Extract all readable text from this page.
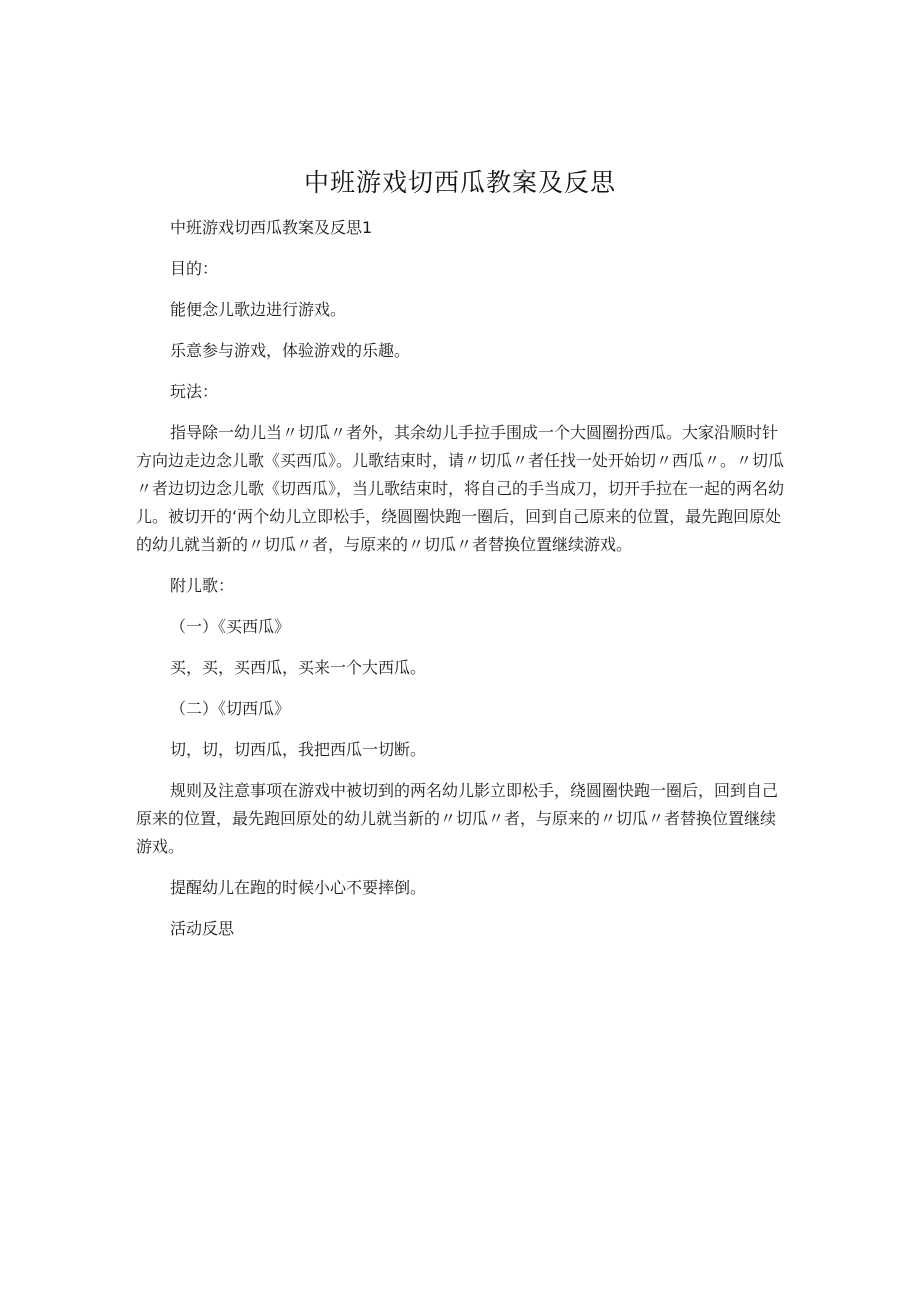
中班游戏切西瓜教案及反思

中班游戏切西瓜教案及反思1

目的：

能便念儿歌边进行游戏。

乐意参与游戏，体验游戏的乐趣。

玩法：

指导除一幼儿当〃切瓜〃者外，其余幼儿手拉手围成一个大圆圈扮西瓜。大家沿顺时针方向边走边念儿歌《买西瓜》。儿歌结束时，请〃切瓜〃者任找一处开始切〃西瓜〃。〃切瓜〃者边切边念儿歌《切西瓜》，当儿歌结束时，将自己的手当成刀，切开手拉在一起的两名幼儿。被切开的‘两个幼儿立即松手，绕圆圈快跑一圈后，回到自己原来的位置，最先跑回原处的幼儿就当新的〃切瓜〃者，与原来的〃切瓜〃者替换位置继续游戏。

附儿歌：

（一）《买西瓜》

买，买，买西瓜，买来一个大西瓜。

（二）《切西瓜》

切，切，切西瓜，我把西瓜一切断。

规则及注意事项在游戏中被切到的两名幼儿影立即松手，绕圆圈快跑一圈后，回到自己原来的位置，最先跑回原处的幼儿就当新的〃切瓜〃者，与原来的〃切瓜〃者替换位置继续游戏。

提醒幼儿在跑的时候小心不要摔倒。

活动反思
